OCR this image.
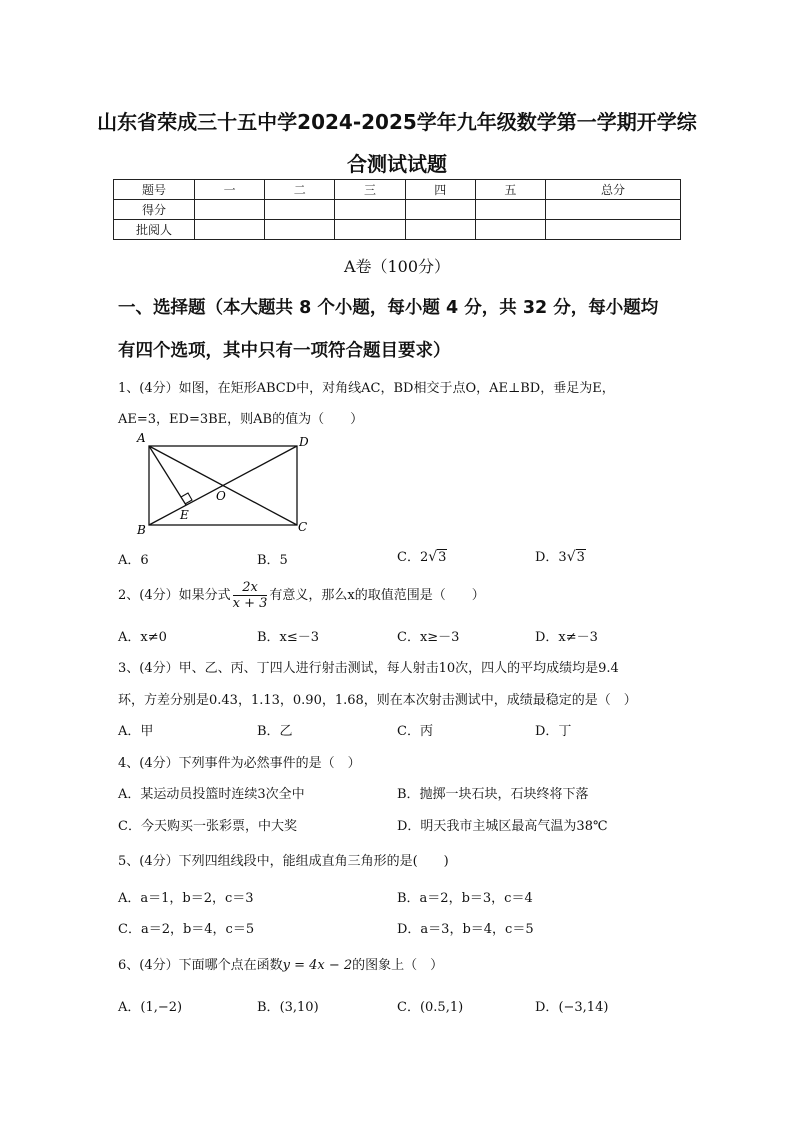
山东省荣成三十五中学2024-2025学年九年级数学第一学期开学综
合测试试题
题号	一	二	三	四	五	总分
得分						
批阅人						
A卷（100分）
一、选择题（本大题共 8 个小题，每小题 4 分，共 32 分，每小题均
有四个选项，其中只有一项符合题目要求）
1、(4分）如图，在矩形ABCD中，对角线AC，BD相交于点O，AE⊥BD，垂足为E，
AE=3，ED=3BE，则AB的值为（　　）
A	D
B	C
E
O
A．6	B．5	C．2√3	D．3√3
2、(4分）如果分式 $\frac{2x}{x + 3}$ 有意义，那么x的取值范围是（　　）
A．x≠0	B．x≤－3	C．x≥－3	D．x≠－3
3、(4分）甲、乙、丙、丁四人进行射击测试，每人射击10次，四人的平均成绩均是9.4
环，方差分别是0.43，1.13，0.90，1.68，则在本次射击测试中，成绩最稳定的是（　）
A．甲	B．乙	C．丙	D．丁
4、(4分）下列事件为必然事件的是（　）
A．某运动员投篮时连续3次全中	B．抛掷一块石块，石块终将下落
C．今天购买一张彩票，中大奖	D．明天我市主城区最高气温为38℃
5、(4分）下列四组线段中，能组成直角三角形的是(　　)
A．a＝1，b＝2，c＝3	B．a＝2，b＝3，c＝4
C．a＝2，b＝4，c＝5	D．a＝3，b＝4，c＝5
6、(4分）下面哪个点在函数y = 4x − 2的图象上（　）
A．(1,−2)	B．(3,10)	C．(0.5,1)	D．(−3,14)
